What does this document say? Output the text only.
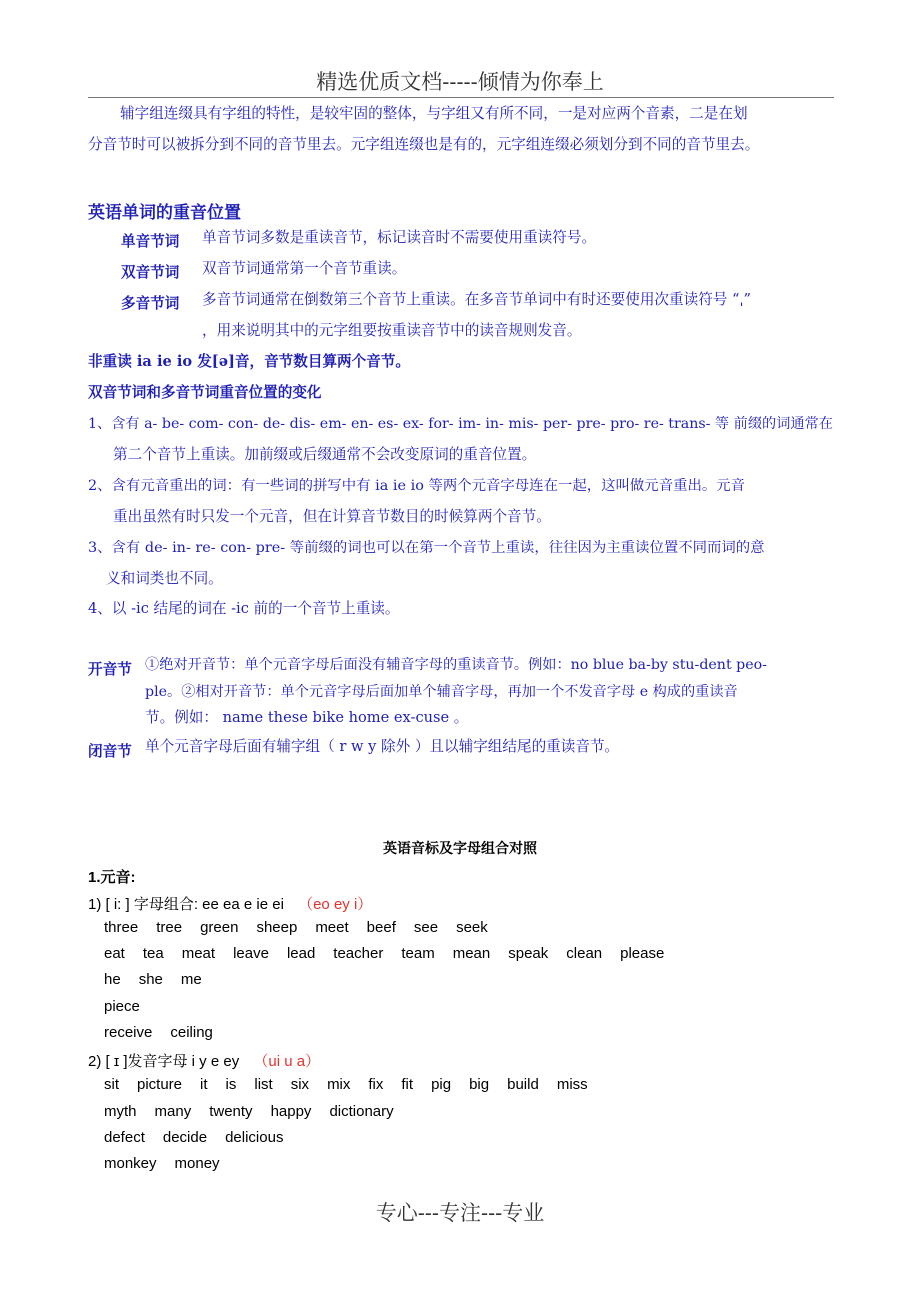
精选优质文档-----倾情为你奉上
辅字组连缀具有字组的特性，是较牢固的整体，与字组又有所不同，一是对应两个音素，二是在划
分音节时可以被拆分到不同的音节里去。元字组连缀也是有的，元字组连缀必须划分到不同的音节里去。
英语单词的重音位置
单音节词 单音节词多数是重读音节，标记读音时不需要使用重读符号。
双音节词 双音节词通常第一个音节重读。
多音节词 多音节词通常在倒数第三个音节上重读。在多音节单词中有时还要使用次重读符号 “ˌ”
，用来说明其中的元字组要按重读音节中的读音规则发音。
非重读 ia ie io 发[ə]音，音节数目算两个音节。
双音节词和多音节词重音位置的变化
1、含有 a- be- com- con- de- dis- em- en- es- ex- for- im- in- mis- per- pre- pro- re- trans- 等 前缀的词通常在
第二个音节上重读。加前缀或后缀通常不会改变原词的重音位置。
2、含有元音重出的词：有一些词的拼写中有 ia ie io 等两个元音字母连在一起，这叫做元音重出。元音
重出虽然有时只发一个元音，但在计算音节数目的时候算两个音节。
3、含有 de- in- re- con- pre- 等前缀的词也可以在第一个音节上重读，往往因为主重读位置不同而词的意
义和词类也不同。
4、以 -ic 结尾的词在 -ic 前的一个音节上重读。
开音节 ①绝对开音节：单个元音字母后面没有辅音字母的重读音节。例如：no blue ba-by stu-dent peo-
ple。②相对开音节：单个元音字母后面加单个辅音字母，再加一个不发音字母 e 构成的重读音
节。例如： name these bike home ex-cuse 。
闭音节 单个元音字母后面有辅字组（ r w y 除外 ）且以辅字组结尾的重读音节。
英语音标及字母组合对照
1.元音:
1) [ i: ] 字母组合: ee ea e ie ei （eo ey i）
three tree green sheep meet beef see seek
eat tea meat leave lead teacher team mean speak clean please
he she me
piece
receive ceiling
2) [ ɪ ]发音字母 i y e ey （ui u a）
sit picture it is list six mix fix fit pig big build miss
myth many twenty happy dictionary
defect decide delicious
monkey money
专心---专注---专业
